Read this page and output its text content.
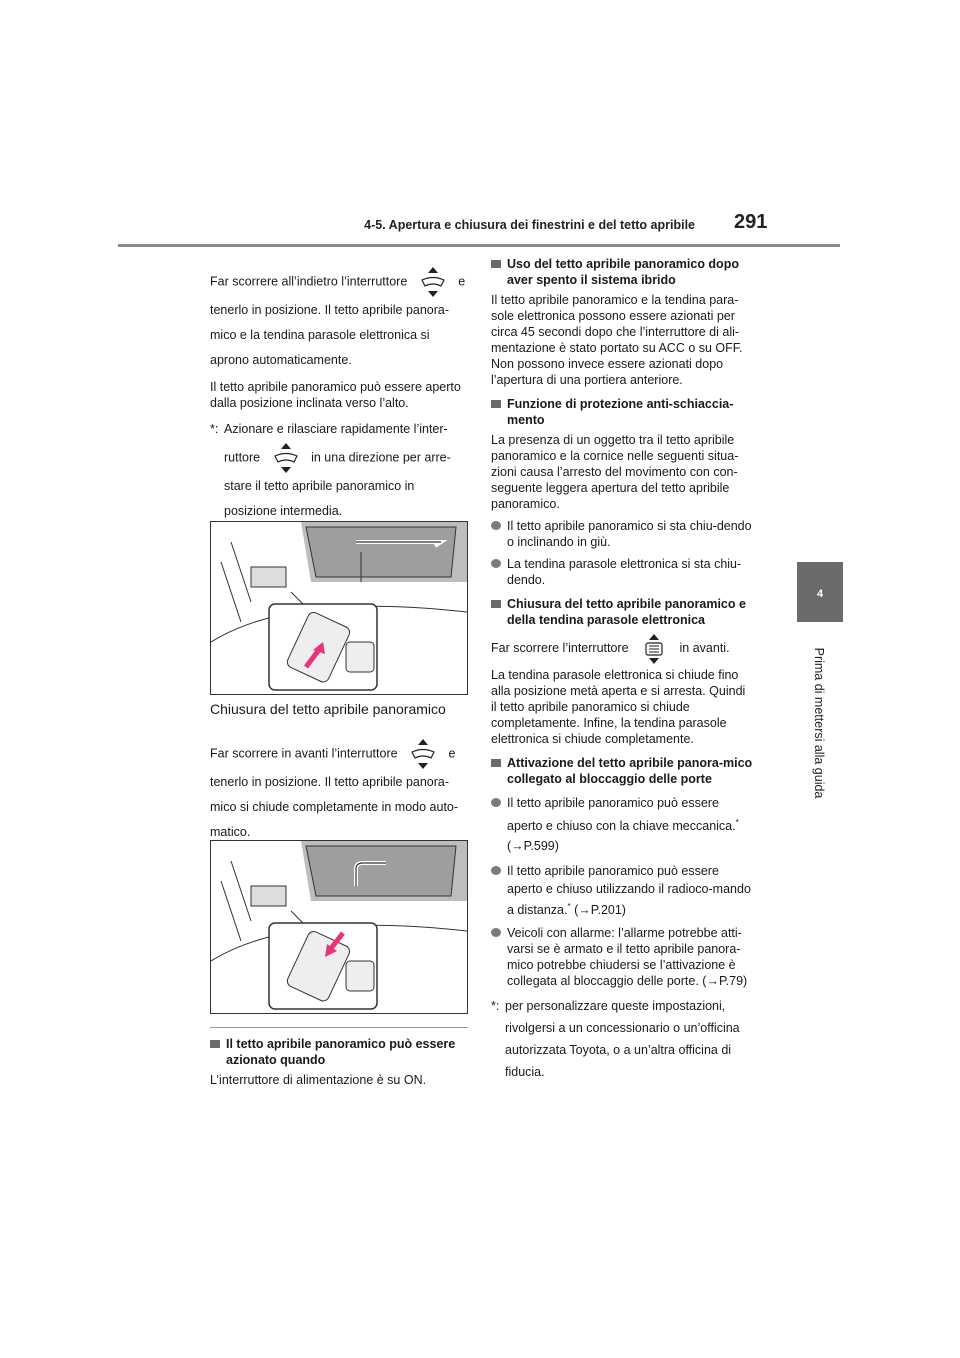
4-5. Apertura e chiusura dei finestrini e del tetto apribile 291
4
Prima di mettersi alla guida

Far scorrere all’indietro l’interruttore	e tenerlo in posizione. Il tetto apribile panora-mico e la tendina parasole elettronica si aprono automaticamente.

Il tetto apribile panoramico può essere aperto dalla posizione inclinata verso l’alto.

*: Azionare e rilasciare rapidamente l’inter- ruttore	in una direzione per arre- stare il tetto apribile panoramico in posizione intermedia.
Chiusura del tetto apribile panoramico

Far scorrere in avanti l’interruttore	e tenerlo in posizione. Il tetto apribile panora-mico si chiude completamente in modo auto-matico.

Il tetto apribile panoramico può essere azionato quando
L’interruttore di alimentazione è su ON.
Uso del tetto apribile panoramico dopo aver spento il sistema ibrido

Il tetto apribile panoramico e la tendina para-sole elettronica possono essere azionati per circa 45 secondi dopo che l’interruttore di ali-mentazione è stato portato su ACC o su OFF. Non possono invece essere azionati dopo l’apertura di una portiera anteriore.

Funzione di protezione anti-schiaccia-mento

La presenza di un oggetto tra il tetto apribile panoramico e la cornice nelle seguenti situa-zioni causa l’arresto del movimento con con-seguente leggera apertura del tetto apribile panoramico.

Il tetto apribile panoramico si sta chiu-dendo o inclinando in giù.
La tendina parasole elettronica si sta chiu-dendo.
Chiusura del tetto apribile panoramico e della tendina parasole elettronica

Far scorrere l’interruttore	in avanti.

La tendina parasole elettronica si chiude fino alla posizione metà aperta e si arresta. Quindi il tetto apribile panoramico si chiude completamente. Infine, la tendina parasole elettronica si chiude completamente.

Attivazione del tetto apribile panora-mico collegato al bloccaggio delle porte
Il tetto apribile panoramico può essere aperto e chiuso con la chiave meccanica.* (→P.599)
Il tetto apribile panoramico può essere aperto e chiuso utilizzando il radioco-mando a distanza.* (→P.201)
Veicoli con allarme: l’allarme potrebbe atti-varsi se è armato e il tetto apribile panora-mico potrebbe chiudersi se l’attivazione è collegata al bloccaggio delle porte. (→P.79)
*: per personalizzare queste impostazioni, rivolgersi a un concessionario o un’officina autorizzata Toyota, o a un’altra officina di fiducia.
